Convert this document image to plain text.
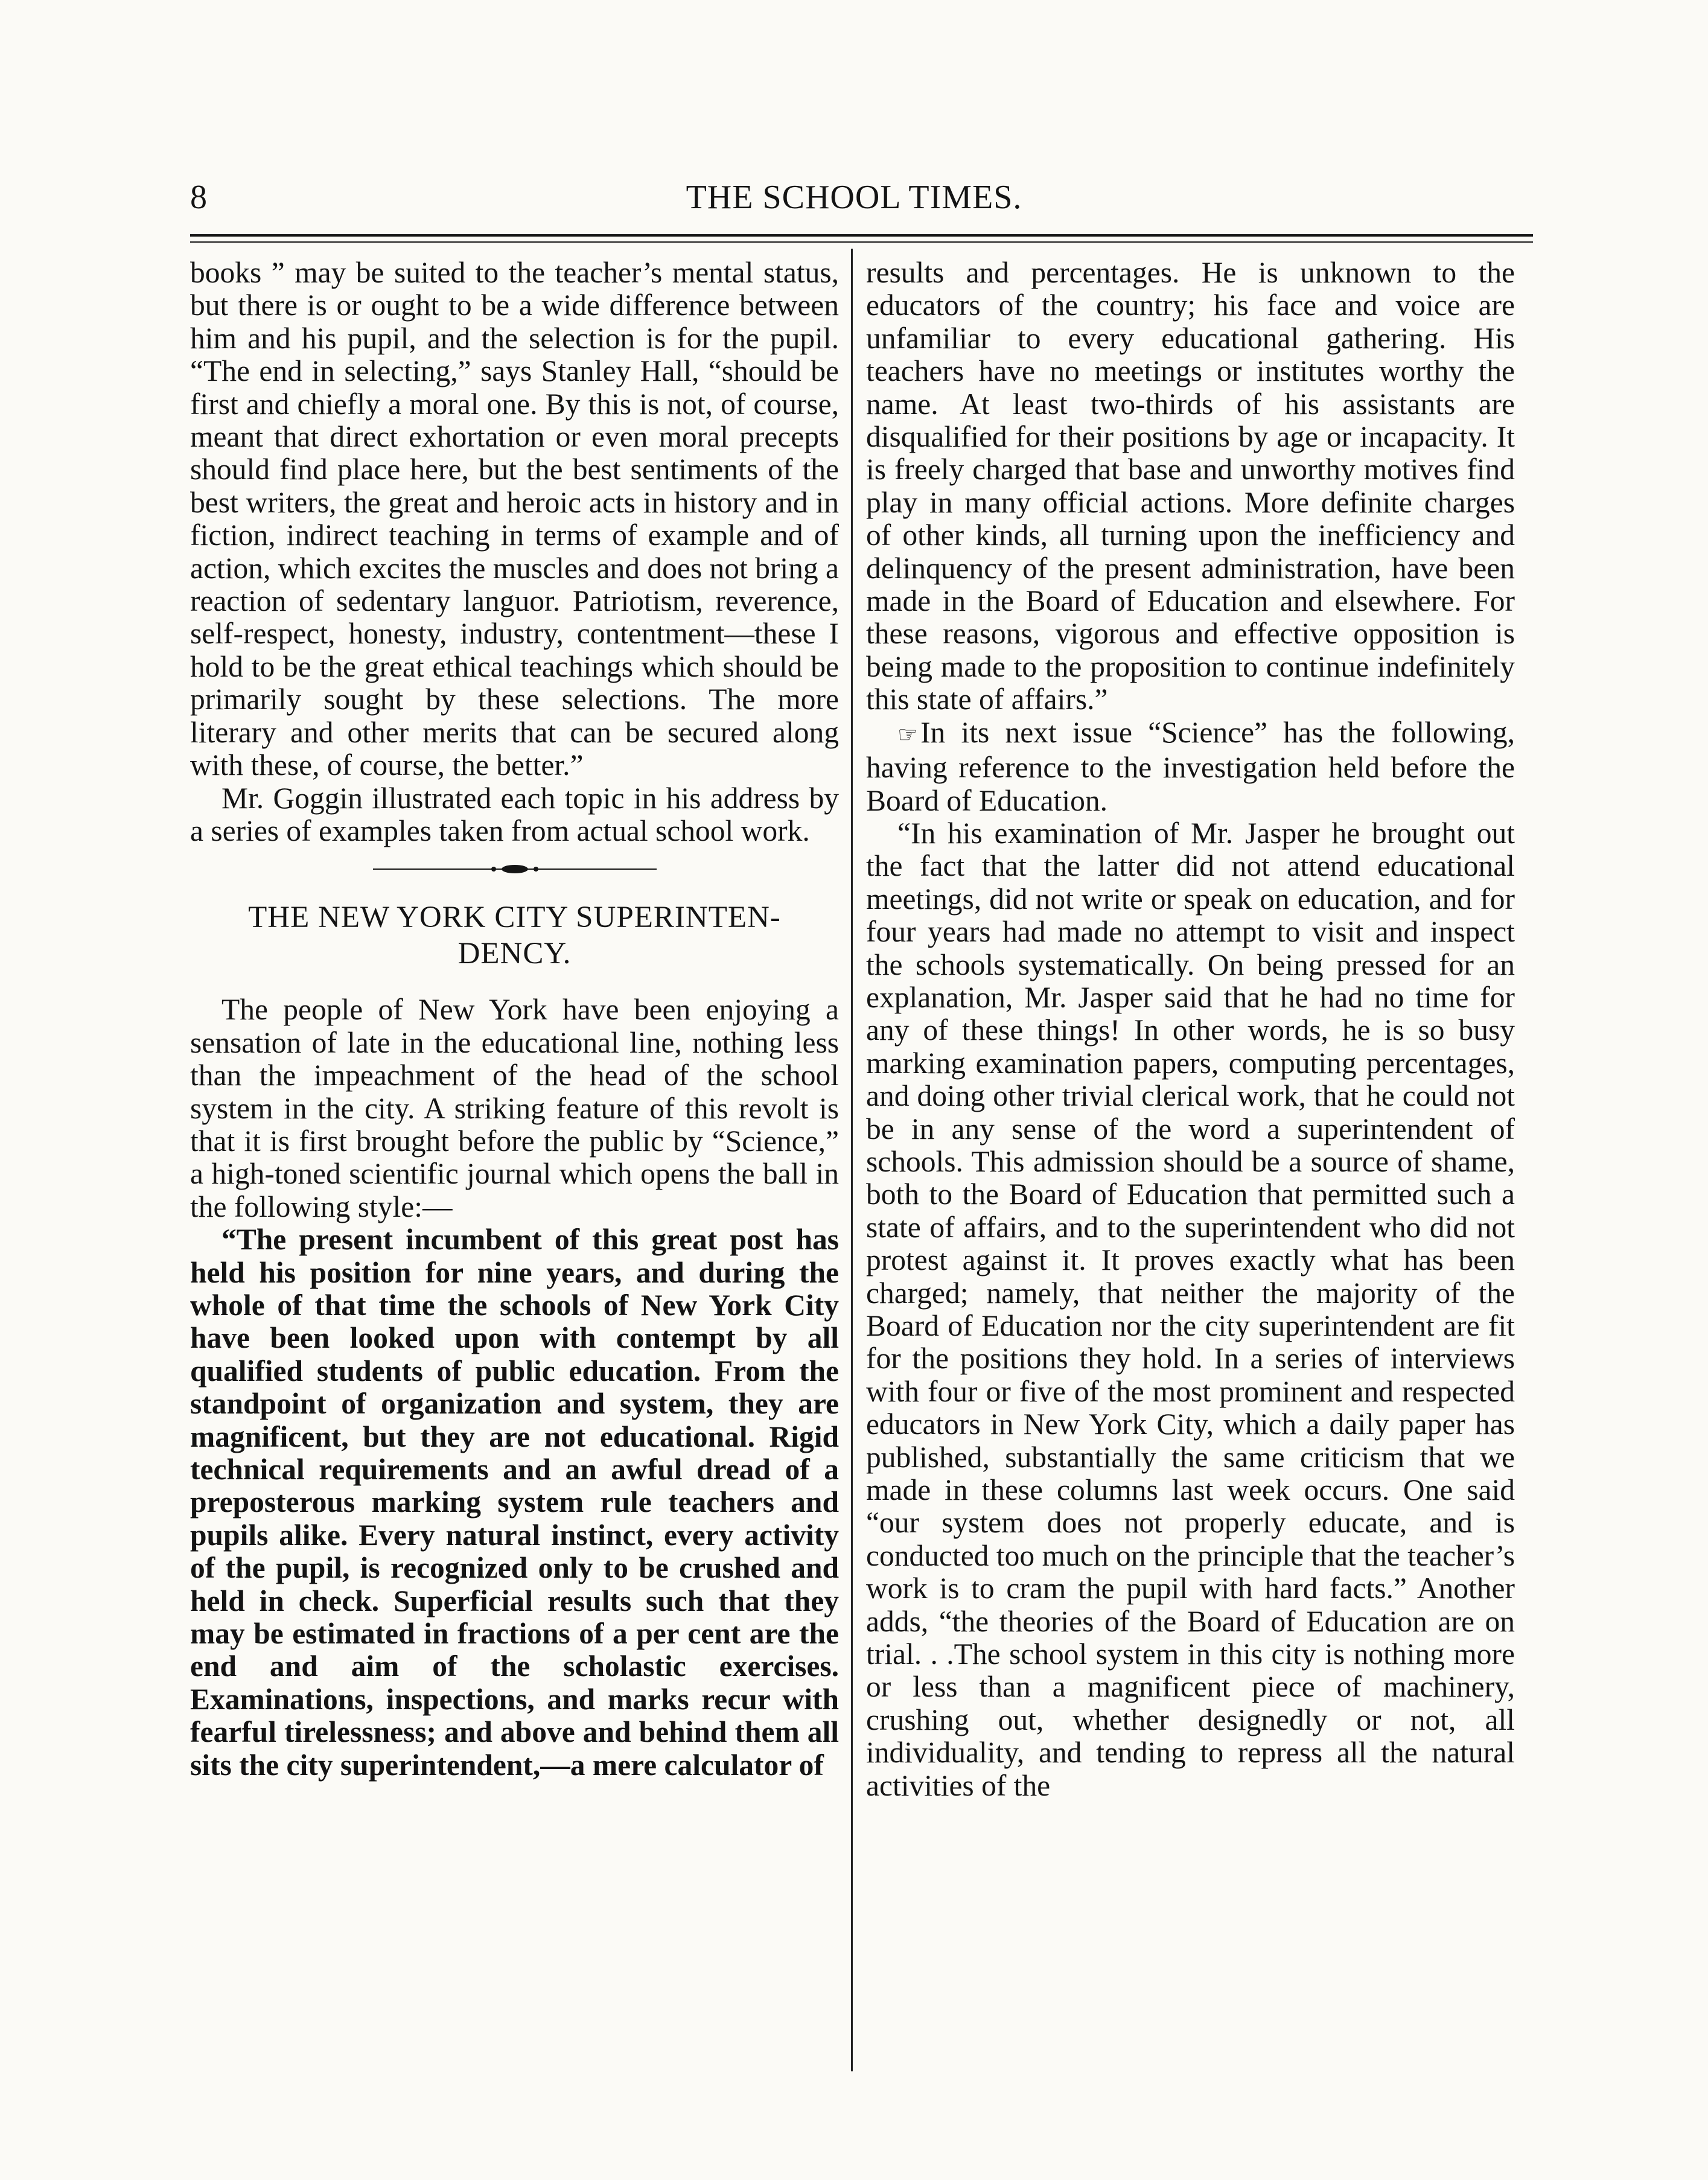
8	THE SCHOOL TIMES.

books ” may be suited to the teacher’s mental status, but there is or ought to be a wide difference between him and his pupil, and the selection is for the pupil. “The end in selecting,” says Stanley Hall, “should be first and chiefly a moral one. By this is not, of course, meant that direct exhortation or even moral precepts should find place here, but the best sentiments of the best writers, the great and heroic acts in history and in fiction, indirect teaching in terms of example and of action, which excites the muscles and does not bring a reaction of sedentary languor. Patriotism, reverence, self-respect, honesty, industry, contentment—these I hold to be the great ethical teachings which should be primarily sought by these selections. The more literary and other merits that can be secured along with these, of course, the better.”

Mr. Goggin illustrated each topic in his address by a series of examples taken from actual school work.

THE NEW YORK CITY SUPERINTEN-
DENCY.

The people of New York have been enjoying a sensation of late in the educational line, nothing less than the impeachment of the head of the school system in the city. A striking feature of this revolt is that it is first brought before the public by “Science,” a high-toned scientific journal which opens the ball in the following style:—

“The present incumbent of this great post has held his position for nine years, and during the whole of that time the schools of New York City have been looked upon with contempt by all qualified students of public education. From the standpoint of organization and system, they are magnificent, but they are not educational. Rigid technical requirements and an awful dread of a preposterous marking system rule teachers and pupils alike. Every natural instinct, every activity of the pupil, is recognized only to be crushed and held in check. Superficial results such that they may be estimated in fractions of a per cent are the end and aim of the scholastic exercises. Examinations, inspections, and marks recur with fearful tirelessness; and above and behind them all sits the city superintendent,—a mere calculator of

results and percentages. He is unknown to the educators of the country; his face and voice are unfamiliar to every educational gathering. His teachers have no meetings or institutes worthy the name. At least two-thirds of his assistants are disqualified for their positions by age or incapacity. It is freely charged that base and unworthy motives find play in many official actions. More definite charges of other kinds, all turning upon the inefficiency and delinquency of the present administration, have been made in the Board of Education and elsewhere. For these reasons, vigorous and effective opposition is being made to the proposition to continue indefinitely this state of affairs.”

☞In its next issue “Science” has the following, having reference to the investigation held before the Board of Education.

“In his examination of Mr. Jasper he brought out the fact that the latter did not attend educational meetings, did not write or speak on education, and for four years had made no attempt to visit and inspect the schools systematically. On being pressed for an explanation, Mr. Jasper said that he had no time for any of these things! In other words, he is so busy marking examination papers, computing percentages, and doing other trivial clerical work, that he could not be in any sense of the word a superintendent of schools. This admission should be a source of shame, both to the Board of Education that permitted such a state of affairs, and to the superintendent who did not protest against it. It proves exactly what has been charged; namely, that neither the majority of the Board of Education nor the city superintendent are fit for the positions they hold. In a series of interviews with four or five of the most prominent and respected educators in New York City, which a daily paper has published, substantially the same criticism that we made in these columns last week occurs. One said “our system does not properly educate, and is conducted too much on the principle that the teacher’s work is to cram the pupil with hard facts.” Another adds, “the theories of the Board of Education are on trial. . .The school system in this city is nothing more or less than a magnificent piece of machinery, crushing out, whether designedly or not, all individuality, and tending to repress all the natural activities of the
